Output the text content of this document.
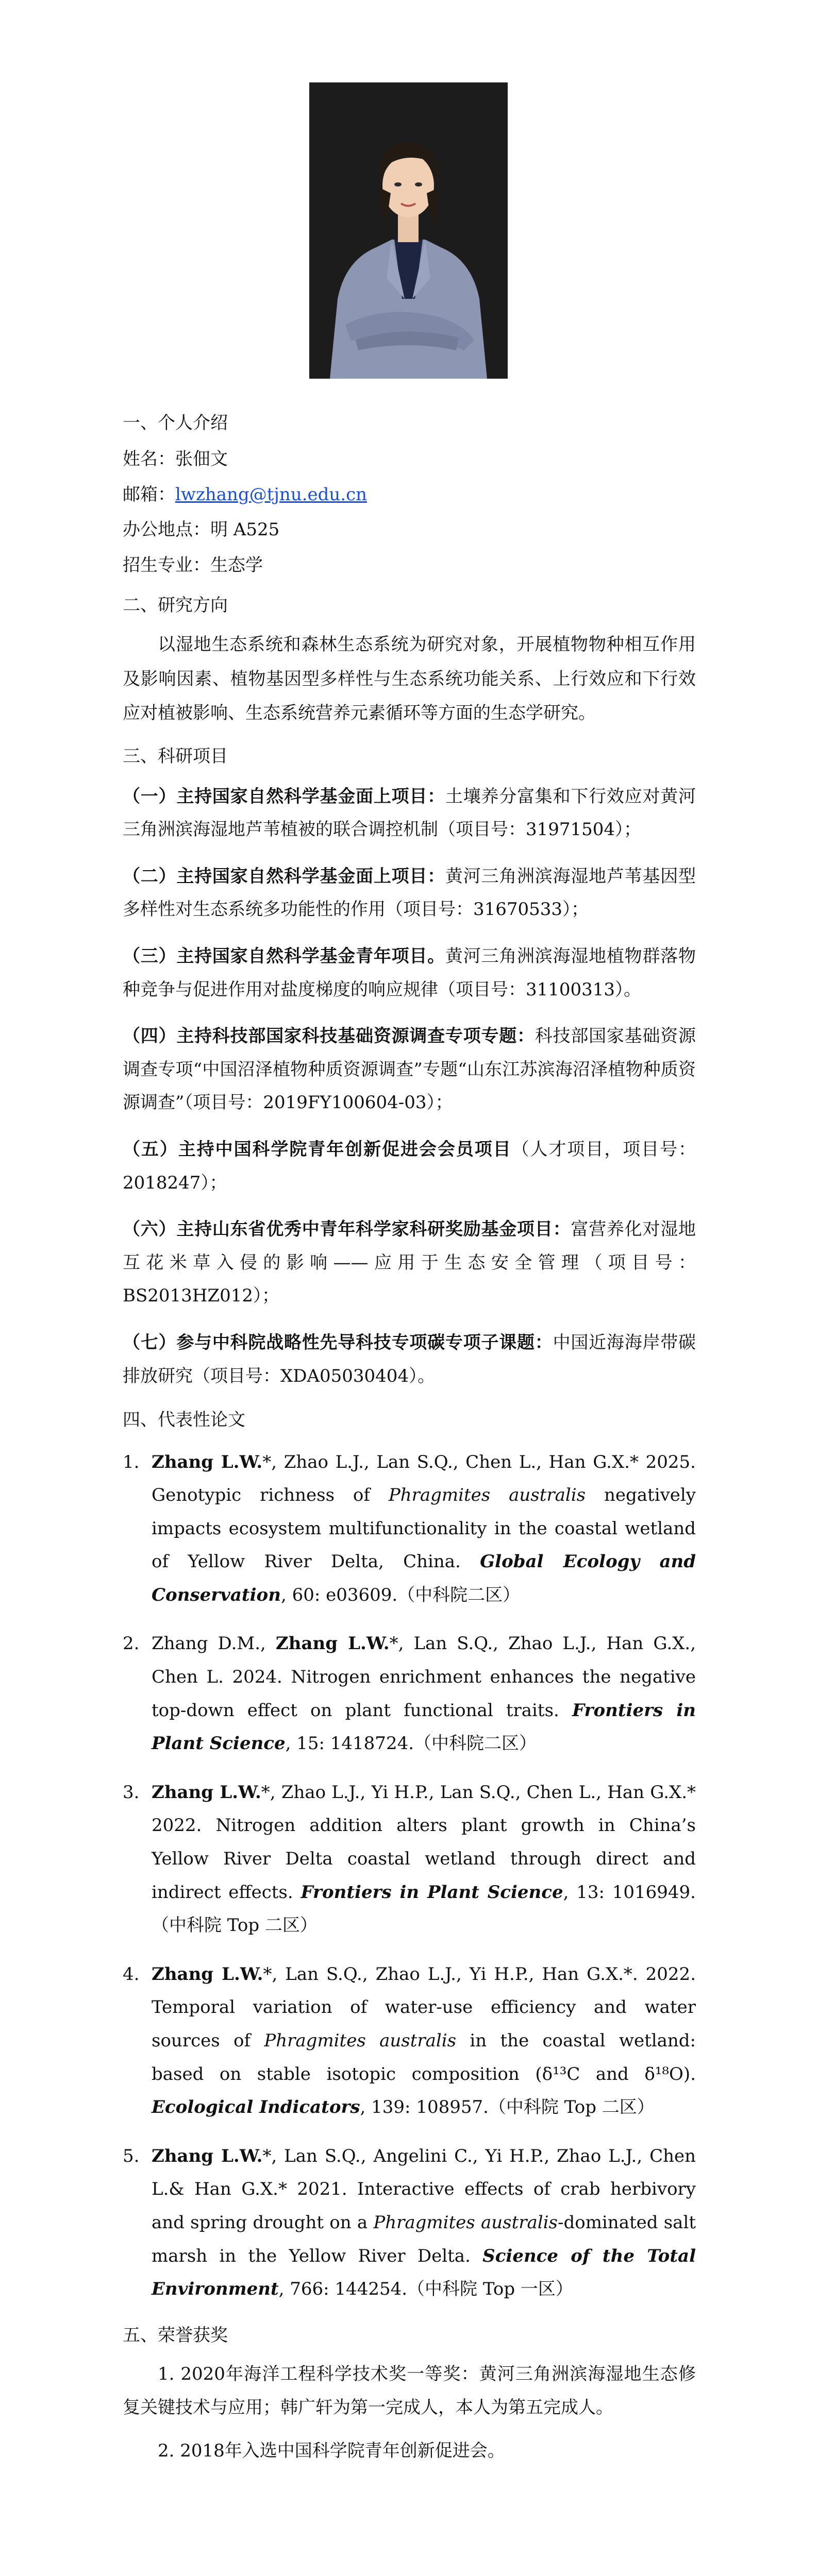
一、个人介绍

姓名：张佃文

邮箱：lwzhang@tjnu.edu.cn

办公地点：明 A525

招生专业：生态学

二、研究方向

以湿地生态系统和森林生态系统为研究对象，开展植物物种相互作用及影响因素、植物基因型多样性与生态系统功能关系、上行效应和下行效应对植被影响、生态系统营养元素循环等方面的生态学研究。

三、科研项目

（一）主持国家自然科学基金面上项目：土壤养分富集和下行效应对黄河三角洲滨海湿地芦苇植被的联合调控机制（项目号：31971504）；

（二）主持国家自然科学基金面上项目：黄河三角洲滨海湿地芦苇基因型多样性对生态系统多功能性的作用（项目号：31670533）；

（三）主持国家自然科学基金青年项目。黄河三角洲滨海湿地植物群落物种竞争与促进作用对盐度梯度的响应规律（项目号：31100313）。

（四）主持科技部国家科技基础资源调查专项专题：科技部国家基础资源调查专项“中国沼泽植物种质资源调查”专题“山东江苏滨海沼泽植物种质资源调查”（项目号：2019FY100604-03）；

（五）主持中国科学院青年创新促进会会员项目（人才项目，项目号： 2018247）；

（六）主持山东省优秀中青年科学家科研奖励基金项目：富营养化对湿地互花米草入侵的影响——应用于生态安全管理（项目号：BS2013HZ012）；

（七）参与中科院战略性先导科技专项碳专项子课题：中国近海海岸带碳排放研究（项目号：XDA05030404）。

四、代表性论文

1. Zhang L.W.*, Zhao L.J., Lan S.Q., Chen L., Han G.X.* 2025. Genotypic richness of Phragmites australis negatively impacts ecosystem multifunctionality in the coastal wetland of Yellow River Delta, China. Global Ecology and Conservation, 60: e03609.（中科院二区）
2. Zhang D.M., Zhang L.W.*, Lan S.Q., Zhao L.J., Han G.X., Chen L. 2024. Nitrogen enrichment enhances the negative top-down effect on plant functional traits. Frontiers in Plant Science, 15: 1418724.（中科院二区）
3. Zhang L.W.*, Zhao L.J., Yi H.P., Lan S.Q., Chen L., Han G.X.* 2022. Nitrogen addition alters plant growth in China’s Yellow River Delta coastal wetland through direct and indirect effects. Frontiers in Plant Science, 13: 1016949.（中科院 Top 二区）
4. Zhang L.W.*, Lan S.Q., Zhao L.J., Yi H.P., Han G.X.*. 2022. Temporal variation of water-use efficiency and water sources of Phragmites australis in the coastal wetland: based on stable isotopic composition (δ¹³C and δ¹⁸O). Ecological Indicators, 139: 108957.（中科院 Top 二区）
5. Zhang L.W.*, Lan S.Q., Angelini C., Yi H.P., Zhao L.J., Chen L.& Han G.X.* 2021. Interactive effects of crab herbivory and spring drought on a Phragmites australis-dominated salt marsh in the Yellow River Delta. Science of the Total Environment, 766: 144254.（中科院 Top 一区）

五、荣誉获奖

1. 2020年海洋工程科学技术奖一等奖：黄河三角洲滨海湿地生态修复关键技术与应用；韩广轩为第一完成人，本人为第五完成人。

2. 2018年入选中国科学院青年创新促进会。
